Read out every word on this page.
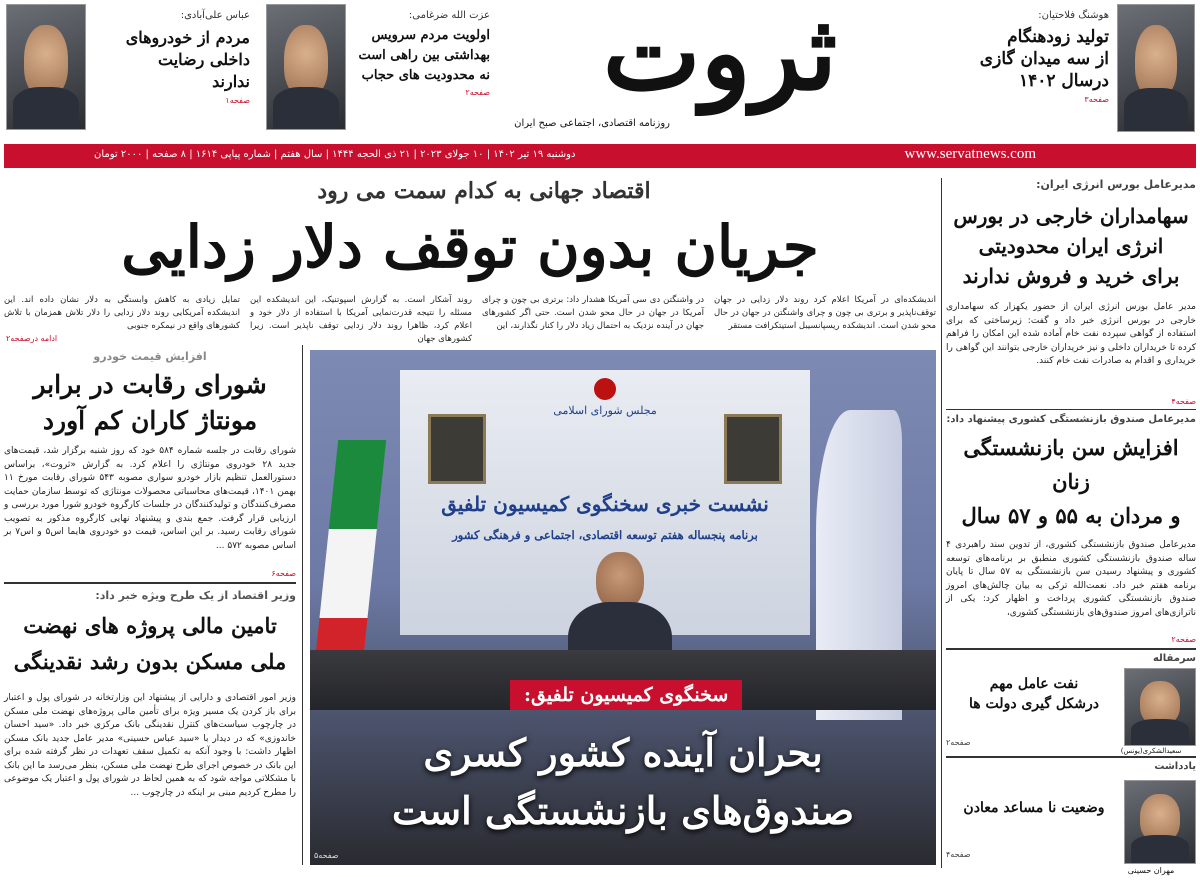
هوشنگ فلاحتیان:
تولید زودهنگام
از سه میدان گازی
درسال ۱۴۰۲
صفحه۳
ثروت
روزنامه اقتصادی، اجتماعی صبح ایران
عزت الله ضرغامی:
اولویت مردم سرویس
بهداشتی بین راهی است
نه محدودیت های حجاب
صفحه۲
عباس علی‌آبادی:
مردم از خودروهای
داخلی رضایت
ندارند
صفحه۱
www.servatnews.com
دوشنبه ۱۹ تیر ۱۴۰۲ | ۱۰ جولای ۲۰۲۳ | ۲۱ ذی الحجه ۱۴۴۴ | سال هفتم | شماره پیاپی ۱۶۱۴ | ۸ صفحه | ۲۰۰۰ تومان
مدیرعامل بورس انرژی ایران:
سهامداران خارجی در بورس
انرژی ایران محدودیتی
برای خرید و فروش ندارند

مدیر عامل بورس انرژی ایران از حضور یکهزار که سهامداری خارجی در بورس انرژی خبر داد و گفت: زیرساختی که برای استفاده از گواهی سپرده نفت خام آماده شده این امکان را فراهم کرده تا خریداران داخلی و نیز خریداران خارجی بتوانند این گواهی را خریداری و اقدام به صادرات نفت خام کنند.

صفحه۴
مدیرعامل صندوق بازنشستگی کشوری پیشنهاد داد:
افزایش سن بازنشستگی زنان
و مردان به ۵۵ و ۵۷ سال

مدیرعامل صندوق بازنشستگی کشوری، از تدوین سند راهبردی ۴ ساله صندوق بازنشستگی کشوری منطبق بر برنامه‌های توسعه کشوری و پیشنهاد رسیدن سن بازنشستگی به ۵۷ سال تا پایان برنامه هفتم خبر داد. نعمت‌الله ترکی به بیان چالش‌های امروز صندوق بازنشستگی کشوری پرداخت و اظهار کرد: یکی از ناترازی‌های امروز صندوق‌های بازنشستگی کشوری،

صفحه۲
سرمقاله
نفت عامل مهم
درشکل گیری دولت ها
سعیدالشکری(یونس)
صفحه۲
یادداشت
وضعیت نا مساعد معادن
مهران حسینی
صفحه۴
اقتصاد جهانی به کدام سمت می رود
جریان بدون توقف دلار زدایی

اندیشکده‌ای در آمریکا اعلام کرد روند دلار زدایی در جهان توقف‌ناپذیر و برتری بی چون و چرای واشنگتن در جهان در حال محو شدن است. اندیشکده ریسپانسیبل استیتکرافت مستقر

در واشنگتن دی سی آمریکا هشدار داد: برتری بی چون و چرای آمریکا در جهان در حال محو شدن است. حتی اگر کشورهای جهان در آینده نزدیک به احتمال زیاد دلار را کنار نگذارند، این

روند آشکار است. به گزارش اسپوتنیک، این اندیشکده این مسئله را نتیجه قدرت‌نمایی آمریکا با استفاده از دلار خود و اعلام کرد، ظاهرا روند دلار زدایی توقف ناپذیر است. زیرا کشورهای جهان

تمایل زیادی به کاهش وابستگی به دلار نشان داده اند. این اندیشکده آمریکایی روند دلار زدایی را دلار تلاش همزمان با تلاش کشورهای واقع در نیمکره جنوبی

ادامه درصفحه۲
افزایش قیمت خودرو
شورای رقابت در برابر
مونتاژ کاران کم آورد

شورای رقابت در جلسه شماره ۵۸۴ خود که روز شنبه برگزار شد، قیمت‌های جدید ۲۸ خودروی مونتاژی را اعلام کرد. به گزارش «ثروت»، براساس دستورالعمل تنظیم بازار خودرو سواری مصوبه ۵۴۳ شورای رقابت مورخ ۱۱ بهمن ۱۴۰۱، قیمت‌های محاسباتی محصولات مونتاژی که توسط سازمان حمایت مصرف‌کنندگان و تولیدکنندگان در جلسات کارگروه خودرو شورا مورد بررسی و ارزیابی قرار گرفت. جمع بندی و پیشنهاد نهایی کارگروه مذکور به تصویب شورای رقابت رسید. بر این اساس، قیمت دو خودروی هایما اس۵ و اس۷ بر اساس مصوبه ۵۷۲ ...

صفحه۶
وزیر اقتصاد از یک طرح ویژه خبر داد:
تامین مالی پروژه های نهضت
ملی مسکن بدون رشد نقدینگی

وزیر امور اقتصادی و دارایی از پیشنهاد این وزارتخانه در شورای پول و اعتبار برای باز کردن یک مسیر ویژه برای تأمین مالی پروژه‌های نهضت ملی مسکن در چارچوب سیاست‌های کنترل نقدینگی بانک مرکزی خبر داد. «سید احسان خاندوزی» که در دیدار با «سید عباس حسینی» مدیر عامل جدید بانک مسکن اظهار داشت: با وجود آنکه به تکمیل سقف تعهدات در نظر گرفته شده برای این بانک در خصوص اجرای طرح نهضت ملی مسکن، بنظر می‌رسد ما این بانک با مشکلاتی مواجه شود که به همین لحاظ در شورای پول و اعتبار یک موضوعی را مطرح کردیم مبنی بر اینکه در چارچوب ...

مجلس شورای اسلامی
نشست خبری سخنگوی کمیسیون تلفیق
برنامه پنجساله هفتم توسعه اقتصادی، اجتماعی و فرهنگی کشور
سخنگوی کمیسیون تلفیق:
بحران آینده کشور کسری
صندوق‌های بازنشستگی است
صفحه۵
